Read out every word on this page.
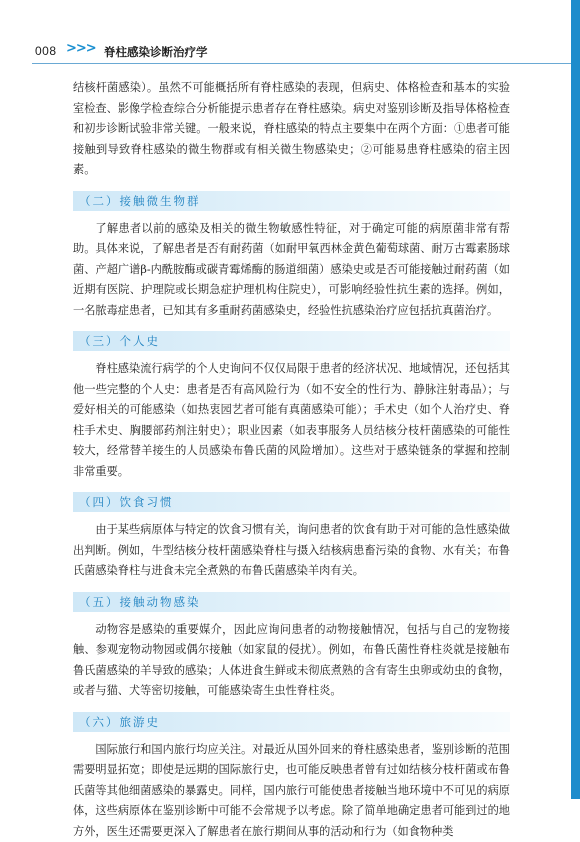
008 >>> 脊柱感染诊断治疗学

结核杆菌感染）。虽然不可能概括所有脊柱感染的表现，但病史、体格检查和基本的实验室检查、影像学检查综合分析能提示患者存在脊柱感染。病史对鉴别诊断及指导体格检查和初步诊断试验非常关键。一般来说，脊柱感染的特点主要集中在两个方面：①患者可能接触到导致脊柱感染的微生物群或有相关微生物感染史；②可能易患脊柱感染的宿主因素。

（二）接触微生物群

了解患者以前的感染及相关的微生物敏感性特征，对于确定可能的病原菌非常有帮助。具体来说，了解患者是否有耐药菌（如耐甲氧西林金黄色葡萄球菌、耐万古霉素肠球菌、产超广谱β-内酰胺酶或碳青霉烯酶的肠道细菌）感染史或是否可能接触过耐药菌（如近期有医院、护理院或长期急症护理机构住院史），可影响经验性抗生素的选择。例如，一名脓毒症患者，已知其有多重耐药菌感染史，经验性抗感染治疗应包括抗真菌治疗。

（三）个人史

脊柱感染流行病学的个人史询问不仅仅局限于患者的经济状况、地域情况，还包括其他一些完整的个人史：患者是否有高风险行为（如不安全的性行为、静脉注射毒品）；与爱好相关的可能感染（如热衷园艺者可能有真菌感染可能）；手术史（如个人治疗史、脊柱手术史、胸腰部药剂注射史）；职业因素（如表事服务人员结核分枝杆菌感染的可能性较大，经常替羊接生的人员感染布鲁氏菌的风险增加）。这些对于感染链条的掌握和控制非常重要。

（四）饮食习惯

由于某些病原体与特定的饮食习惯有关，询问患者的饮食有助于对可能的急性感染做出判断。例如，牛型结核分枝杆菌感染脊柱与摄入结核病患畜污染的食物、水有关；布鲁氏菌感染脊柱与进食未完全煮熟的布鲁氏菌感染羊肉有关。

（五）接触动物感染

动物容是感染的重要媒介，因此应询问患者的动物接触情况，包括与自己的宠物接触、参观宠物动物园或偶尔接触（如家鼠的侵扰）。例如，布鲁氏菌性脊柱炎就是接触布鲁氏菌感染的羊导致的感染；人体进食生鲜或未彻底煮熟的含有寄生虫卵或幼虫的食物，或者与猫、犬等密切接触，可能感染寄生虫性脊柱炎。

（六）旅游史

国际旅行和国内旅行均应关注。对最近从国外回来的脊柱感染患者，鉴别诊断的范围需要明显拓宽；即使是远期的国际旅行史，也可能反映患者曾有过如结核分枝杆菌或布鲁氏菌等其他细菌感染的暴露史。同样，国内旅行可能使患者接触当地环境中不可见的病原体，这些病原体在鉴别诊断中可能不会常规予以考虑。除了简单地确定患者可能到过的地方外，医生还需要更深入了解患者在旅行期间从事的活动和行为（如食物种类
